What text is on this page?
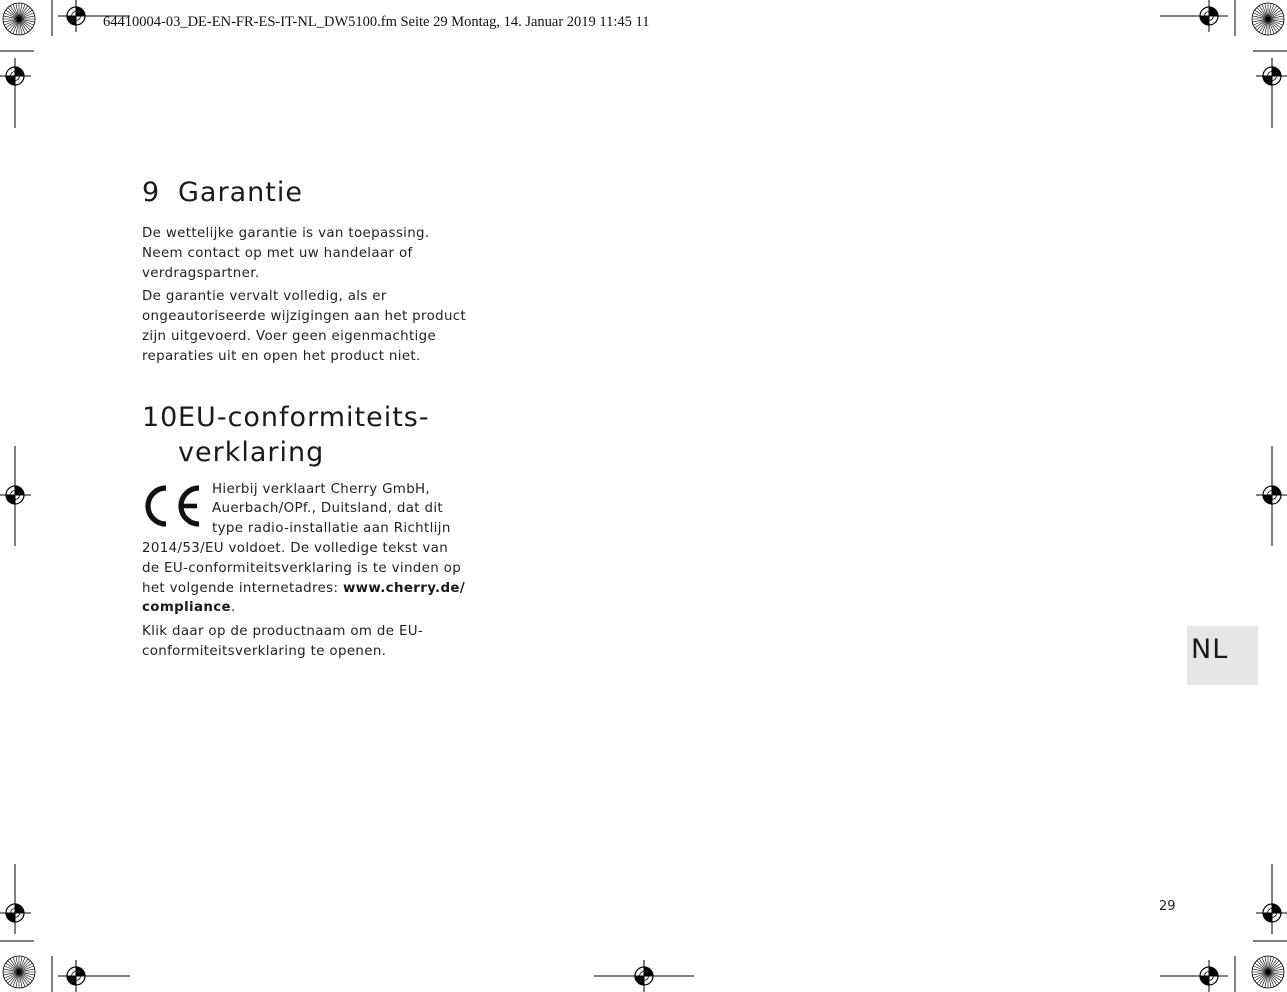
64410004-03_DE-EN-FR-ES-IT-NL_DW5100.fm Seite 29 Montag, 14. Januar 2019 11:45 11
9 Garantie

De wettelijke garantie is van toepassing. Neem contact op met uw handelaar of verdragspartner.

De garantie vervalt volledig, als er ongeautoriseerde wijzigingen aan het product zijn uitgevoerd. Voer geen eigenmachtige reparaties uit en open het product niet.

10 EU-conformiteits-
verklaring

Hierbij verklaart Cherry GmbH, Auerbach/OPf., Duitsland, dat dit type radio-installatie aan Richtlijn 2014/53/EU voldoet. De volledige tekst van de EU-conformiteitsverklaring is te vinden op het volgende internetadres: www.cherry.de/
compliance.

Klik daar op de productnaam om de EU-conformiteitsverklaring te openen.	NL
29
